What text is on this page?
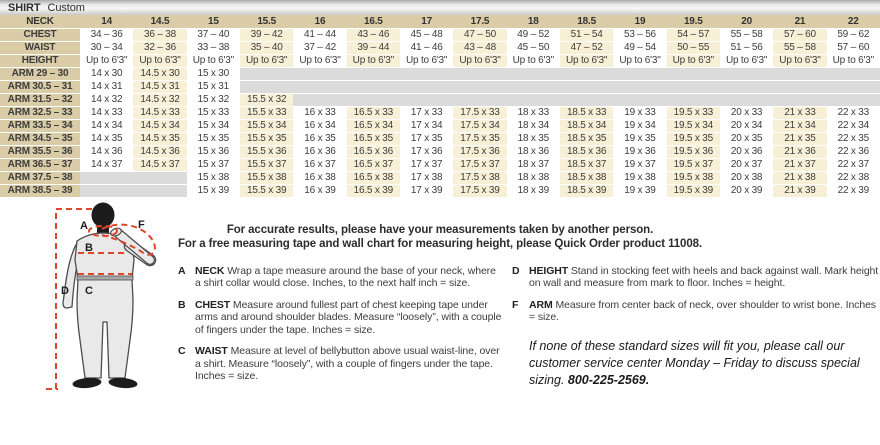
SHIRT Custom
NECK	14	14.5	15	15.5	16	16.5	17	17.5	18	18.5	19	19.5	20	21	22
CHEST	34 – 36	36 – 38	37 – 40	39 – 42	41 – 44	43 – 46	45 – 48	47 – 50	49 – 52	51 – 54	53 – 56	54 – 57	55 – 58	57 – 60	59 – 62
WAIST	30 – 34	32 – 36	33 – 38	35 – 40	37 – 42	39 – 44	41 – 46	43 – 48	45 – 50	47 – 52	49 – 54	50 – 55	51 – 56	55 – 58	57 – 60
HEIGHT	Up to 6'3"	Up to 6'3"	Up to 6'3"	Up to 6'3"	Up to 6'3"	Up to 6'3"	Up to 6'3"	Up to 6'3"	Up to 6'3"	Up to 6'3"	Up to 6'3"	Up to 6'3"	Up to 6'3"	Up to 6'3"	Up to 6'3"
ARM 29 – 30	14 x 30	14.5 x 30	15 x 30												
ARM 30.5 – 31	14 x 31	14.5 x 31	15 x 31												
ARM 31.5 – 32	14 x 32	14.5 x 32	15 x 32	15.5 x 32											
ARM 32.5 – 33	14 x 33	14.5 x 33	15 x 33	15.5 x 33	16 x 33	16.5 x 33	17 x 33	17.5 x 33	18 x 33	18.5 x 33	19 x 33	19.5 x 33	20 x 33	21 x 33	22 x 33
ARM 33.5 – 34	14 x 34	14.5 x 34	15 x 34	15.5 x 34	16 x 34	16.5 x 34	17 x 34	17.5 x 34	18 x 34	18.5 x 34	19 x 34	19.5 x 34	20 x 34	21 x 34	22 x 34
ARM 34.5 – 35	14 x 35	14.5 x 35	15 x 35	15.5 x 35	16 x 35	16.5 x 35	17 x 35	17.5 x 35	18 x 35	18.5 x 35	19 x 35	19.5 x 35	20 x 35	21 x 35	22 x 35
ARM 35.5 – 36	14 x 36	14.5 x 36	15 x 36	15.5 x 36	16 x 36	16.5 x 36	17 x 36	17.5 x 36	18 x 36	18.5 x 36	19 x 36	19.5 x 36	20 x 36	21 x 36	22 x 36
ARM 36.5 – 37	14 x 37	14.5 x 37	15 x 37	15.5 x 37	16 x 37	16.5 x 37	17 x 37	17.5 x 37	18 x 37	18.5 x 37	19 x 37	19.5 x 37	20 x 37	21 x 37	22 x 37
ARM 37.5 – 38			15 x 38	15.5 x 38	16 x 38	16.5 x 38	17 x 38	17.5 x 38	18 x 38	18.5 x 38	19 x 38	19.5 x 38	20 x 38	21 x 38	22 x 38
ARM 38.5 – 39			15 x 39	15.5 x 39	16 x 39	16.5 x 39	17 x 39	17.5 x 39	18 x 39	18.5 x 39	19 x 39	19.5 x 39	20 x 39	21 x 39	22 x 39
For accurate results, please have your measurements taken by another person.
For a free measuring tape and wall chart for measuring height, please Quick Order product 11008.
A
B
C
D
F
A NECK Wrap a tape measure around the base of your neck, where a shirt collar would close. Inches, to the next half inch = size.

B CHEST Measure around fullest part of chest keeping tape under arms and around shoulder blades. Measure “loosely”, with a couple of fingers under the tape. Inches = size.

C WAIST Measure at level of bellybutton above usual waist-line, over a shirt. Measure “loosely”, with a couple of fingers under the tape. Inches = size.

D HEIGHT Stand in stocking feet with heels and back against wall. Mark height on wall and measure from mark to floor. Inches = height.

F	ARM Measure from center back of neck, over shoulder to wrist bone. Inches = size.

If none of these standard sizes will fit you, please call our customer service center Monday – Friday to discuss special sizing. 800-225-2569.
